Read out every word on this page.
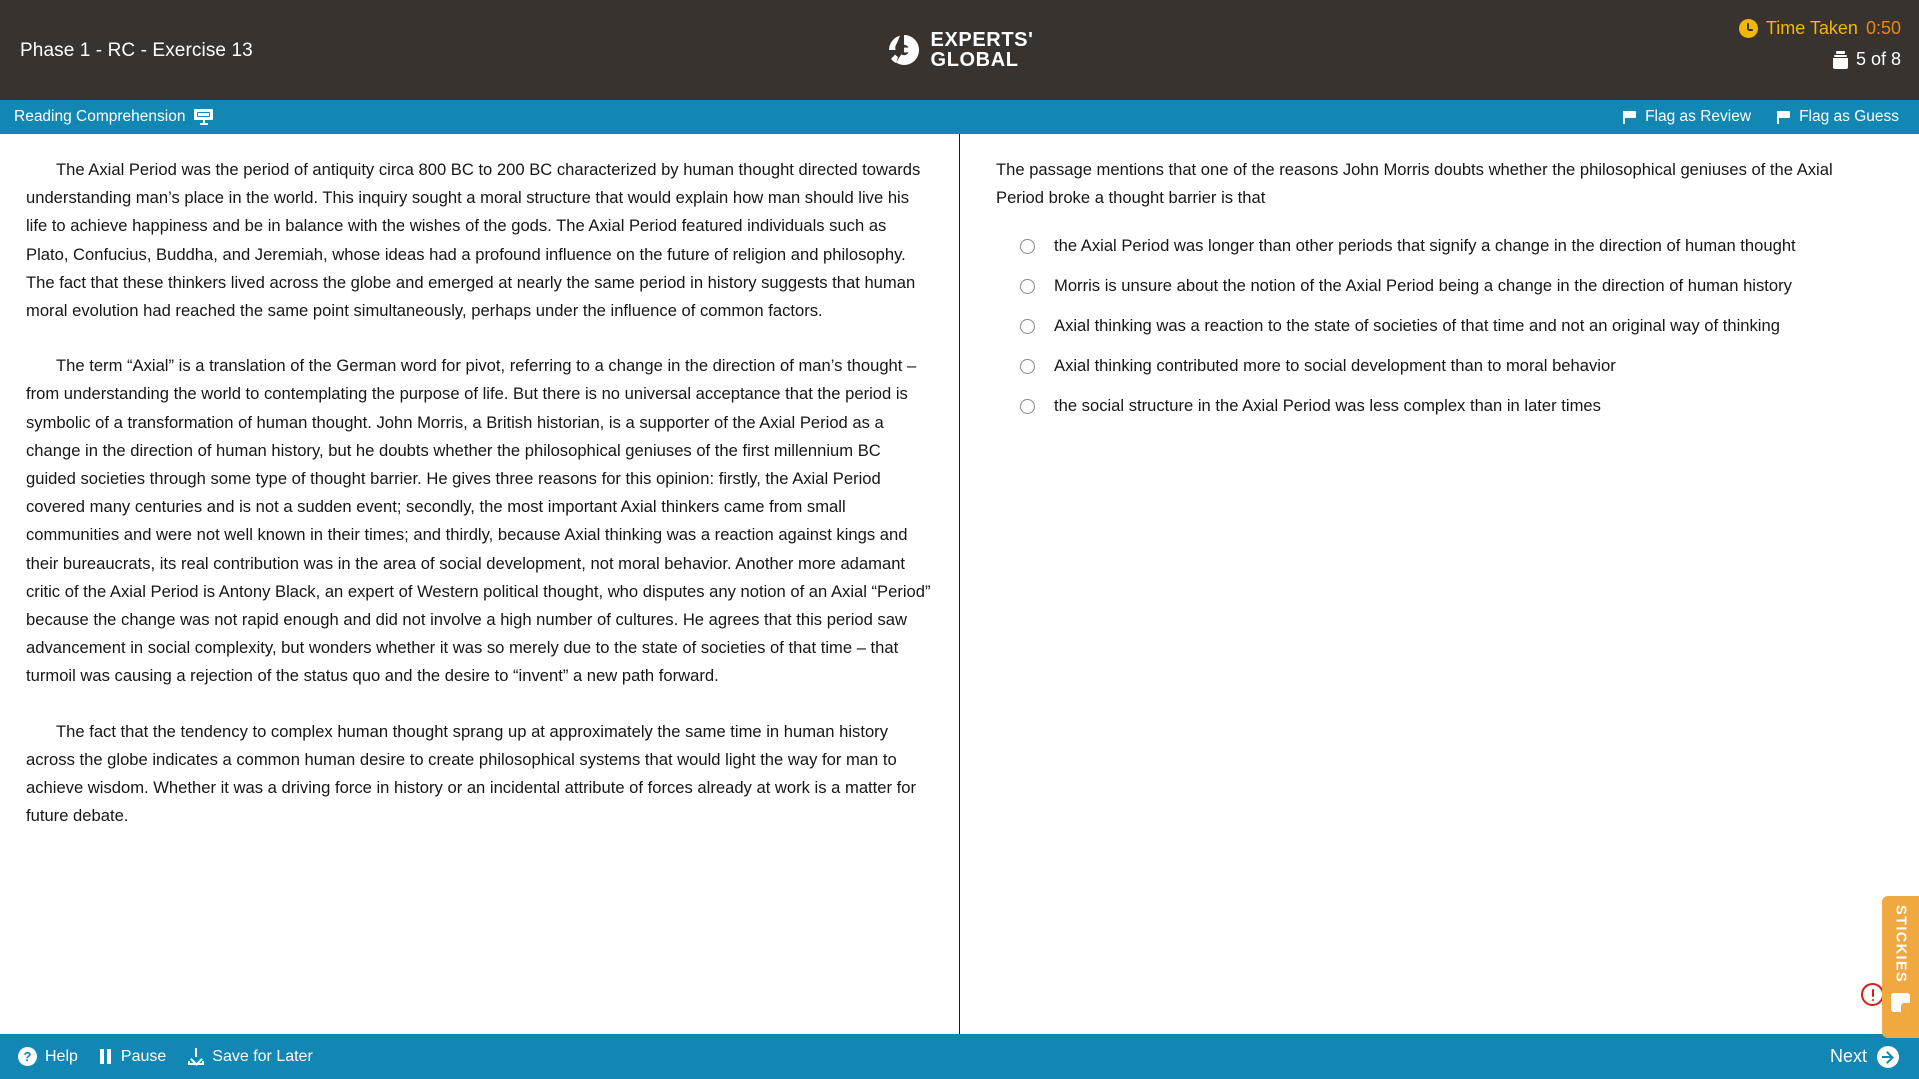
Phase 1 - RC - Exercise 13	EXPERTS'
GLOBAL
Time Taken 0:50
5 of 8
Reading Comprehension	Flag as Review	Flag as Guess

The Axial Period was the period of antiquity circa 800 BC to 200 BC characterized by human thought directed towards understanding man’s place in the world. This inquiry sought a moral structure that would explain how man should live his life to achieve happiness and be in balance with the wishes of the gods. The Axial Period featured individuals such as Plato, Confucius, Buddha, and Jeremiah, whose ideas had a profound influence on the future of religion and philosophy. The fact that these thinkers lived across the globe and emerged at nearly the same period in history suggests that human moral evolution had reached the same point simultaneously, perhaps under the influence of common factors.

The term “Axial” is a translation of the German word for pivot, referring to a change in the direction of man’s thought – from understanding the world to contemplating the purpose of life. But there is no universal acceptance that the period is symbolic of a transformation of human thought. John Morris, a British historian, is a supporter of the Axial Period as a change in the direction of human history, but he doubts whether the philosophical geniuses of the first millennium BC guided societies through some type of thought barrier. He gives three reasons for this opinion: firstly, the Axial Period covered many centuries and is not a sudden event; secondly, the most important Axial thinkers came from small communities and were not well known in their times; and thirdly, because Axial thinking was a reaction against kings and their bureaucrats, its real contribution was in the area of social development, not moral behavior. Another more adamant critic of the Axial Period is Antony Black, an expert of Western political thought, who disputes any notion of an Axial “Period” because the change was not rapid enough and did not involve a high number of cultures. He agrees that this period saw advancement in social complexity, but wonders whether it was so merely due to the state of societies of that time – that turmoil was causing a rejection of the status quo and the desire to “invent” a new path forward.

The fact that the tendency to complex human thought sprang up at approximately the same time in human history across the globe indicates a common human desire to create philosophical systems that would light the way for man to achieve wisdom. Whether it was a driving force in history or an incidental attribute of forces already at work is a matter for future debate.

The passage mentions that one of the reasons John Morris doubts whether the philosophical geniuses of the Axial Period broke a thought barrier is that
the Axial Period was longer than other periods that signify a change in the direction of human thought
Morris is unsure about the notion of the Axial Period being a change in the direction of human history
Axial thinking was a reaction to the state of societies of that time and not an original way of thinking
Axial thinking contributed more to social development than to moral behavior
the social structure in the Axial Period was less complex than in later times
STICKIES
? Help	Pause	Save for Later	Next
